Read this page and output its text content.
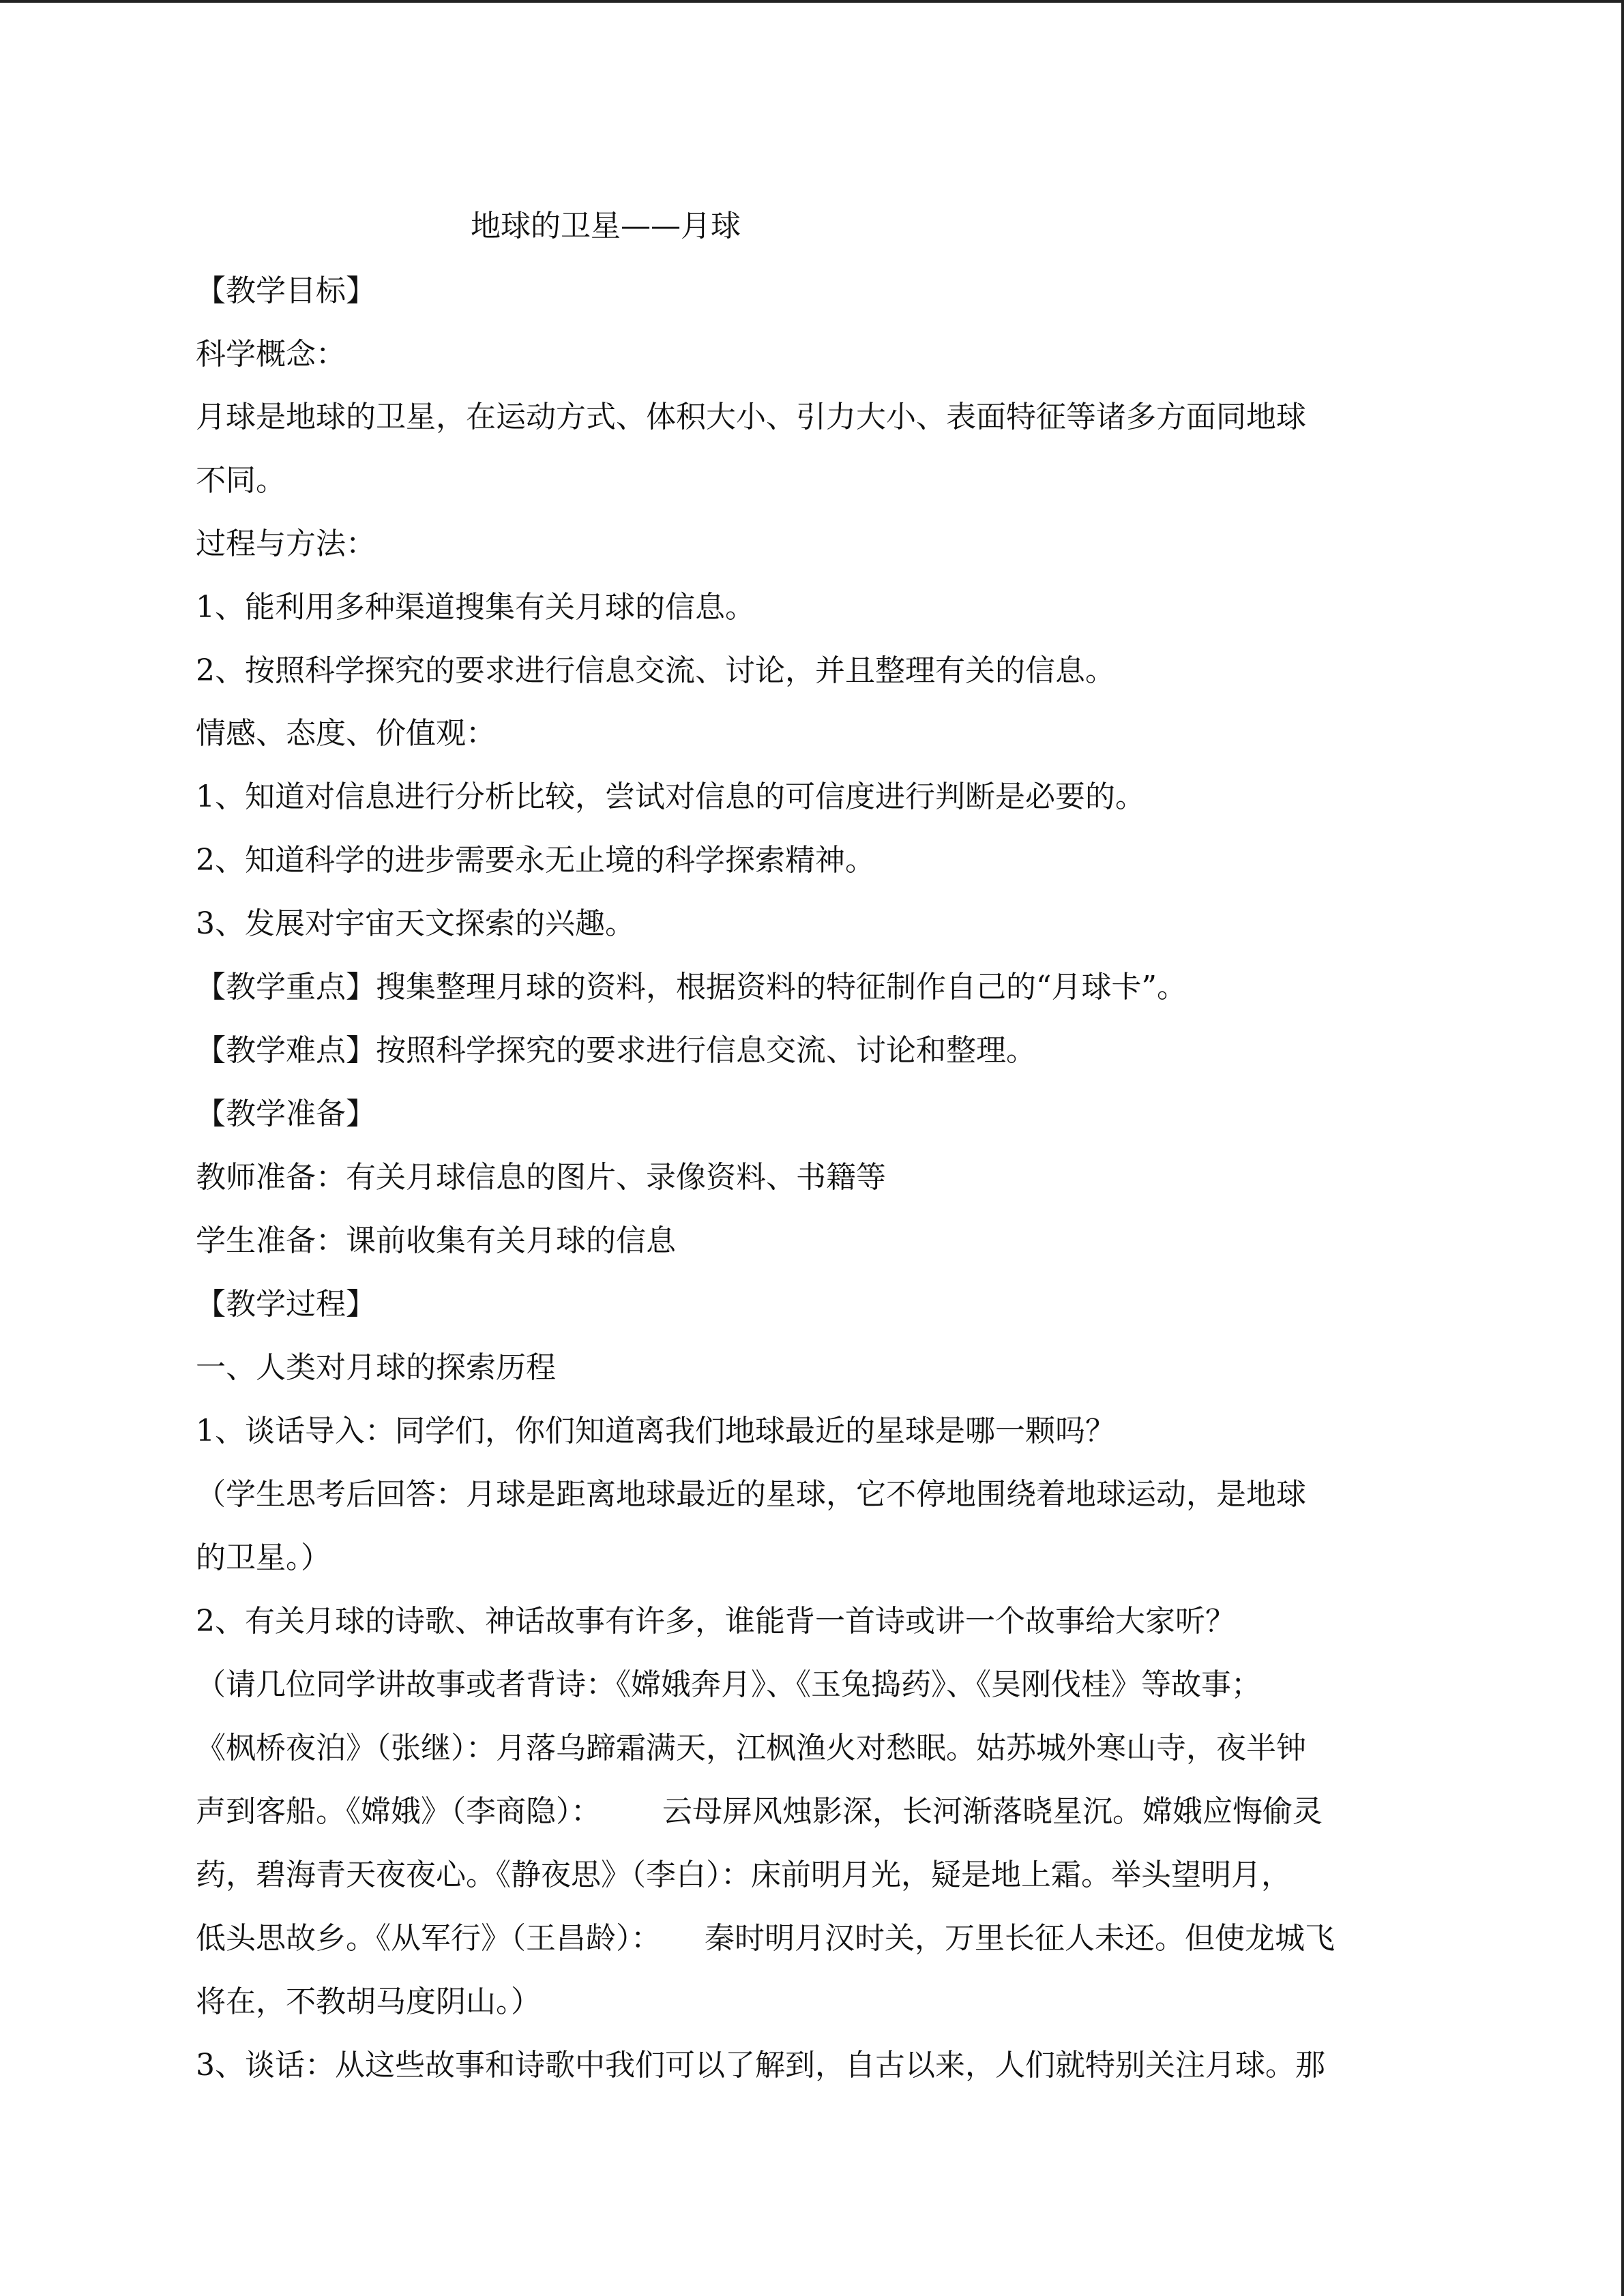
地球的卫星——月球
【教学目标】
科学概念：
月球是地球的卫星，在运动方式、体积大小、引力大小、表面特征等诸多方面同地球
不同。
过程与方法：
1、能利用多种渠道搜集有关月球的信息。
2、按照科学探究的要求进行信息交流、讨论，并且整理有关的信息。
情感、态度、价值观：
1、知道对信息进行分析比较，尝试对信息的可信度进行判断是必要的。
2、知道科学的进步需要永无止境的科学探索精神。
3、发展对宇宙天文探索的兴趣。
【教学重点】搜集整理月球的资料，根据资料的特征制作自己的“月球卡”。
【教学难点】按照科学探究的要求进行信息交流、讨论和整理。
【教学准备】
教师准备：有关月球信息的图片、录像资料、书籍等
学生准备：课前收集有关月球的信息
【教学过程】
一、人类对月球的探索历程
1、谈话导入：同学们，你们知道离我们地球最近的星球是哪一颗吗？
（学生思考后回答：月球是距离地球最近的星球，它不停地围绕着地球运动，是地球
的卫星。）
2、有关月球的诗歌、神话故事有许多，谁能背一首诗或讲一个故事给大家听？
（请几位同学讲故事或者背诗：《嫦娥奔月》、《玉兔捣药》、《吴刚伐桂》等故事；
《枫桥夜泊》（张继）：月落乌蹄霜满天，江枫渔火对愁眠。姑苏城外寒山寺，夜半钟
声到客船。《嫦娥》（李商隐）： 云母屏风烛影深，长河渐落晓星沉。嫦娥应悔偷灵
药，碧海青天夜夜心。《静夜思》（李白）：床前明月光，疑是地上霜。举头望明月，
低头思故乡。《从军行》（王昌龄）： 秦时明月汉时关，万里长征人未还。但使龙城飞
将在，不教胡马度阴山。）
3、谈话：从这些故事和诗歌中我们可以了解到，自古以来，人们就特别关注月球。那
